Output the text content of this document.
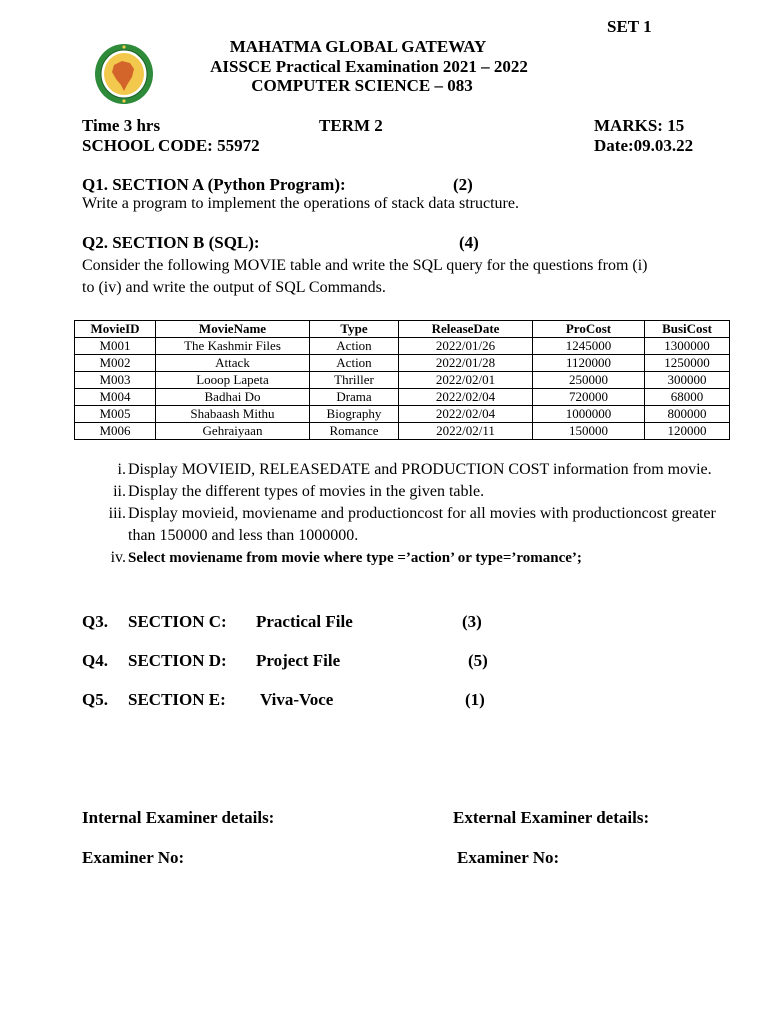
SET 1
MAHATMA GLOBAL GATEWAY
AISSCE Practical Examination 2021 – 2022
COMPUTER SCIENCE – 083
Time 3 hrs	TERM 2	MARKS: 15
SCHOOL CODE: 55972	Date:09.03.22
Q1. SECTION A (Python Program):	(2)
Write a program to implement the operations of stack data structure.
Q2. SECTION B (SQL):	(4)
Consider the following MOVIE table and write the SQL query for the questions from (i)
to (iv) and write the output of SQL Commands.
MovieID	MovieName	Type	ReleaseDate	ProCost	BusiCost
M001	The Kashmir Files	Action	2022/01/26	1245000	1300000
M002	Attack	Action	2022/01/28	1120000	1250000
M003	Looop Lapeta	Thriller	2022/02/01	250000	300000
M004	Badhai Do	Drama	2022/02/04	720000	68000
M005	Shabaash Mithu	Biography	2022/02/04	1000000	800000
M006	Gehraiyaan	Romance	2022/02/11	150000	120000
i. Display MOVIEID, RELEASEDATE and PRODUCTION COST information from movie.
ii. Display the different types of movies in the given table.
iii. Display movieid, moviename and productioncost for all movies with productioncost greater than 150000 and less than 1000000.
iv. Select moviename from movie where type =’action’ or type=’romance’;
Q3. SECTION C: Practical File	(3)
Q4. SECTION D: Project File	(5)
Q5. SECTION E: Viva-Voce	(1)
Internal Examiner details:	External Examiner details:
Examiner No:	Examiner No:
